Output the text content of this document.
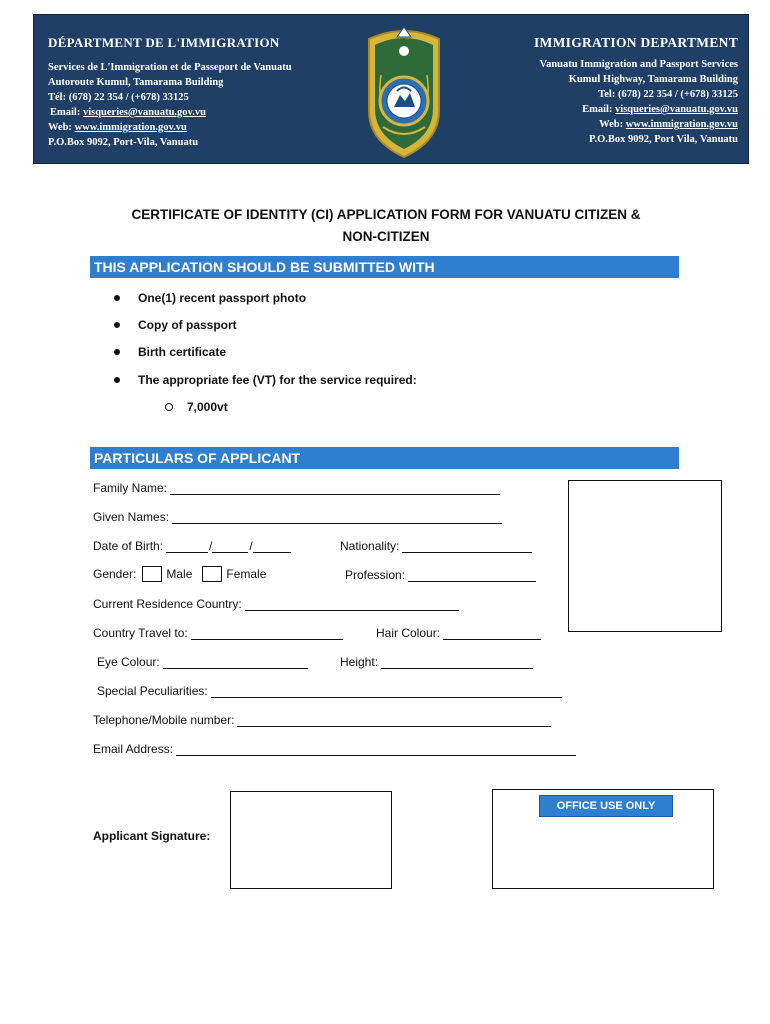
DÉPARTMENT DE L'IMMIGRATION
Services de L'Immigration et de Passeport de Vanuatu
Autoroute Kumul, Tamarama Building
Tél: (678) 22 354 / (+678) 33125
Email: visqueries@vanuatu.gov.vu
Web: www.immigration.gov.vu
P.O.Box 9092, Port-Vila, Vanuatu
IMMIGRATION DEPARTMENT
Vanuatu Immigration and Passport Services
Kumul Highway, Tamarama Building
Tel: (678) 22 354 / (+678) 33125
Email: visqueries@vanuatu.gov.vu
Web: www.immigration.gov.vu
P.O.Box 9092, Port Vila, Vanuatu
CERTIFICATE OF IDENTITY (CI) APPLICATION FORM FOR VANUATU CITIZEN &
NON-CITIZEN
THIS APPLICATION SHOULD BE SUBMITTED WITH
One(1) recent passport photo
Copy of passport
Birth certificate
The appropriate fee (VT) for the service required:
7,000vt
PARTICULARS OF APPLICANT
Family Name:
Given Names:
Date of Birth:	/	/	Nationality:
Gender:	Male	Female	Profession:
Current Residence Country:
Country Travel to:	Hair Colour:
Eye Colour:	Height:
Special Peculiarities:
Telephone/Mobile number:
Email Address:
Applicant Signature:
OFFICE USE ONLY
